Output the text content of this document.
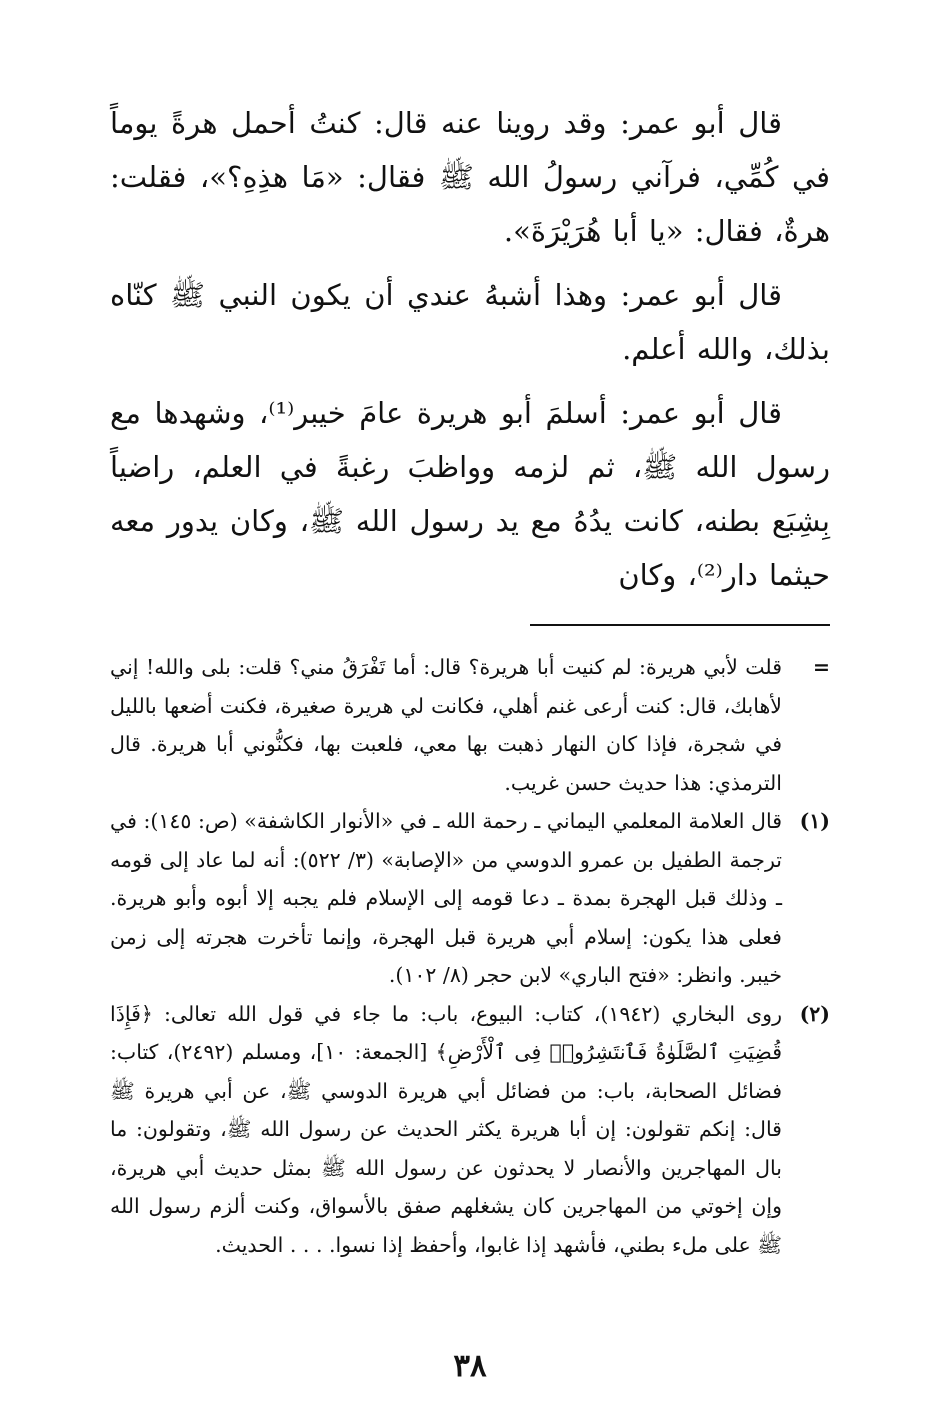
قال أبو عمر: وقد روينا عنه قال: كنتُ أحمل هرةً يوماً في كُمِّي، فرآني رسولُ الله ﷺ فقال: «مَا هذِهِ؟»، فقلت: هرةٌ، فقال: «يا أبا هُرَيْرَةَ».

قال أبو عمر: وهذا أشبهُ عندي أن يكون النبي ﷺ كنّاه بذلك، والله أعلم.

قال أبو عمر: أسلمَ أبو هريرة عامَ خيبر⁽¹⁾، وشهدها مع رسول الله ﷺ، ثم لزمه وواظبَ رغبةً في العلم، راضياً بِشِبَع بطنه، كانت يدُهُ مع يد رسول الله ﷺ، وكان يدور معه حيثما دار⁽²⁾، وكان

=
قلت لأبي هريرة: لم كنيت أبا هريرة؟ قال: أما تَفْرَقُ مني؟ قلت: بلى والله! إني لأهابك، قال: كنت أرعى غنم أهلي، فكانت لي هريرة صغيرة، فكنت أضعها بالليل في شجرة، فإذا كان النهار ذهبت بها معي، فلعبت بها، فكنُّوني أبا هريرة. قال الترمذي: هذا حديث حسن غريب.
(١)
قال العلامة المعلمي اليماني ـ رحمة الله ـ في «الأنوار الكاشفة» (ص: ١٤٥): في ترجمة الطفيل بن عمرو الدوسي من «الإصابة» (٣/ ٥٢٢): أنه لما عاد إلى قومه ـ وذلك قبل الهجرة بمدة ـ دعا قومه إلى الإسلام فلم يجبه إلا أبوه وأبو هريرة. فعلى هذا يكون: إسلام أبي هريرة قبل الهجرة، وإنما تأخرت هجرته إلى زمن خيبر. وانظر: «فتح الباري» لابن حجر (٨/ ١٠٢).
(٢)
روى البخاري (١٩٤٢)، كتاب: البيوع، باب: ما جاء في قول الله تعالى: ﴿فَإِذَا قُضِيَتِ ٱلصَّلَوٰةُ فَٱنتَشِرُوا۟ فِى ٱلْأَرْضِ﴾ [الجمعة: ١٠]، ومسلم (٢٤٩٢)، كتاب: فضائل الصحابة، باب: من فضائل أبي هريرة الدوسي ﷺ، عن أبي هريرة ﷺ قال: إنكم تقولون: إن أبا هريرة يكثر الحديث عن رسول الله ﷺ، وتقولون: ما بال المهاجرين والأنصار لا يحدثون عن رسول الله ﷺ بمثل حديث أبي هريرة، وإن إخوتي من المهاجرين كان يشغلهم صفق بالأسواق، وكنت ألزم رسول الله ﷺ على ملء بطني، فأشهد إذا غابوا، وأحفظ إذا نسوا. . . . الحديث.
٣٨
